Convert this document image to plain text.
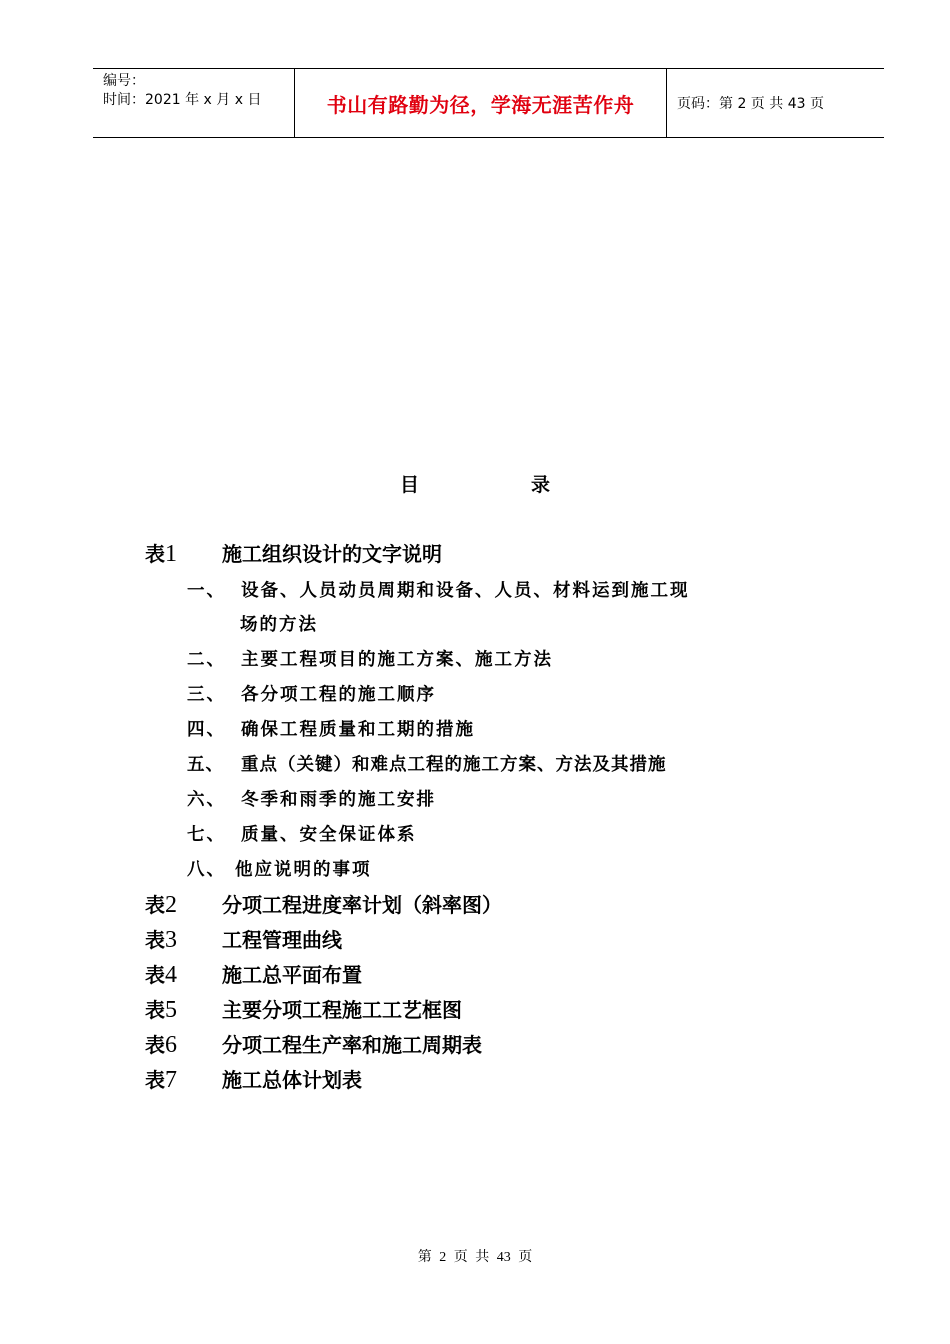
编号：
时间：2021 年 x 月 x 日	书山有路勤为径，学海无涯苦作舟	页码：第 2 页 共 43 页
目	录
表1 施工组织设计的文字说明
一、 设备、人员动员周期和设备、人员、材料运到施工现
场的方法
二、 主要工程项目的施工方案、施工方法
三、 各分项工程的施工顺序
四、 确保工程质量和工期的措施
五、 重点（关键）和难点工程的施工方案、方法及其措施
六、 冬季和雨季的施工安排
七、 质量、安全保证体系
八、 他应说明的事项
表2 分项工程进度率计划（斜率图）
表3 工程管理曲线
表4 施工总平面布置
表5 主要分项工程施工工艺框图
表6 分项工程生产率和施工周期表
表7 施工总体计划表
第 2 页 共 43 页
